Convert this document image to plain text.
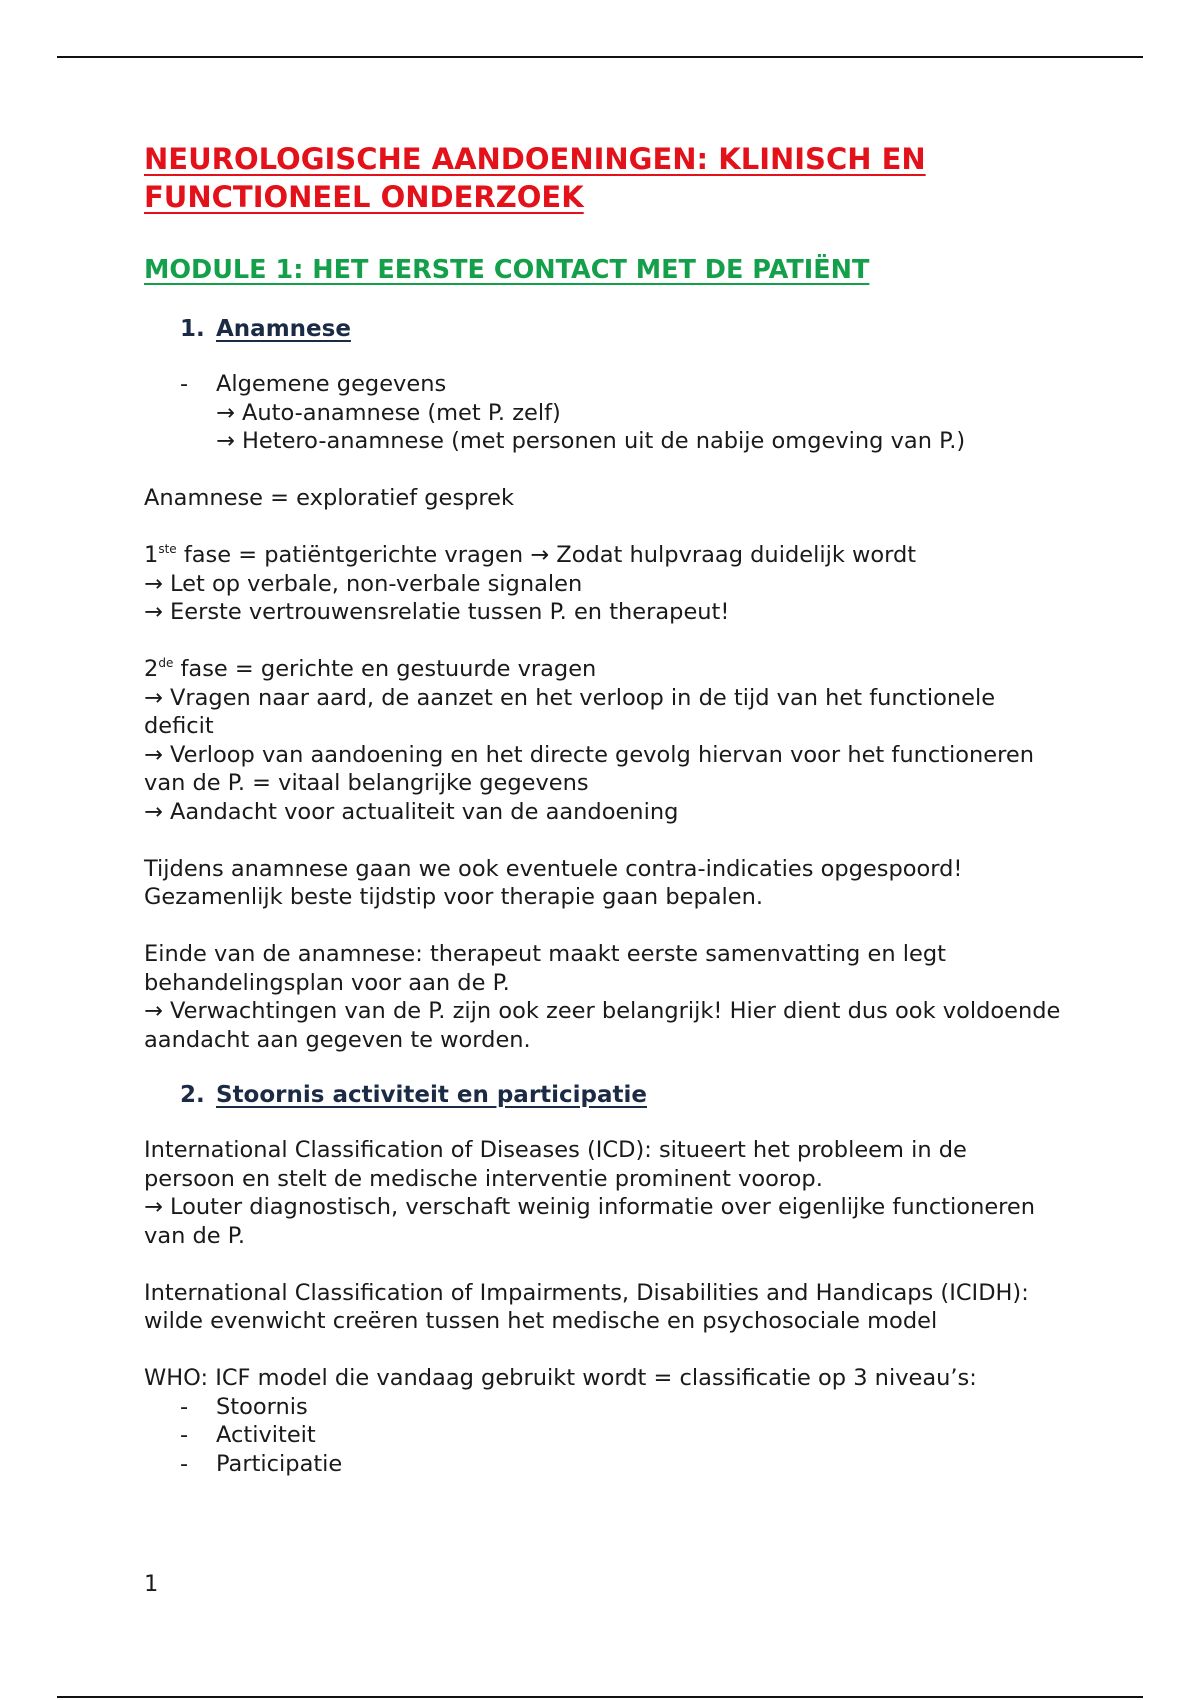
NEUROLOGISCHE AANDOENINGEN: KLINISCH EN FUNCTIONEEL ONDERZOEK
MODULE 1: HET EERSTE CONTACT MET DE PATIËNT
1. Anamnese
-	Algemene gegevens

→ Auto-anamnese (met P. zelf)

→ Hetero-anamnese (met personen uit de nabije omgeving van P.)

Anamnese = exploratief gesprek

1ste fase = patiëntgerichte vragen → Zodat hulpvraag duidelijk wordt

→ Let op verbale, non-verbale signalen

→ Eerste vertrouwensrelatie tussen P. en therapeut!

2de fase = gerichte en gestuurde vragen

→ Vragen naar aard, de aanzet en het verloop in de tijd van het functionele deficit

→ Verloop van aandoening en het directe gevolg hiervan voor het functioneren van de P. = vitaal belangrijke gegevens

→ Aandacht voor actualiteit van de aandoening

Tijdens anamnese gaan we ook eventuele contra-indicaties opgespoord! Gezamenlijk beste tijdstip voor therapie gaan bepalen.

Einde van de anamnese: therapeut maakt eerste samenvatting en legt behandelingsplan voor aan de P.

→ Verwachtingen van de P. zijn ook zeer belangrijk! Hier dient dus ook voldoende aandacht aan gegeven te worden.

2. Stoornis activiteit en participatie

International Classification of Diseases (ICD): situeert het probleem in de persoon en stelt de medische interventie prominent voorop.

→ Louter diagnostisch, verschaft weinig informatie over eigenlijke functioneren van de P.

International Classification of Impairments, Disabilities and Handicaps (ICIDH): wilde evenwicht creëren tussen het medische en psychosociale model

WHO: ICF model die vandaag gebruikt wordt = classificatie op 3 niveau’s:

-	Stoornis
-	Activiteit
-	Participatie
1
